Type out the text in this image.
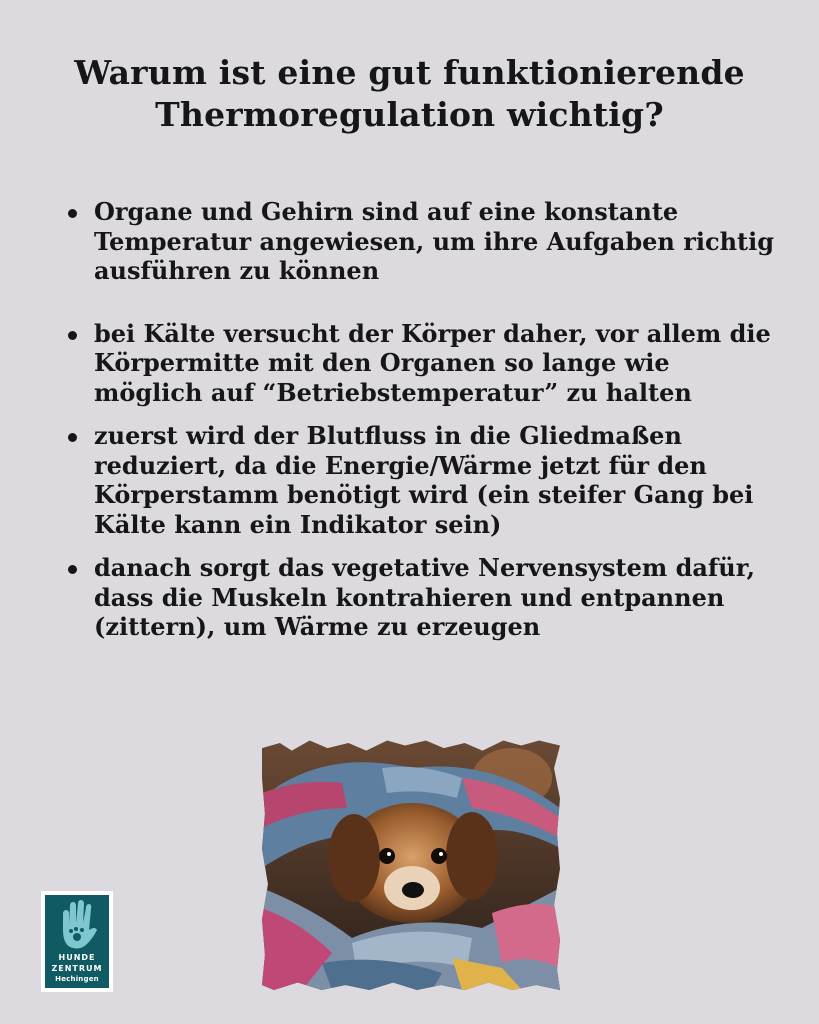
Warum ist eine gut funktionierende
Thermoregulation wichtig?
Organe und Gehirn sind auf eine konstante Temperatur angewiesen, um ihre Aufgaben richtig ausführen zu können
bei Kälte versucht der Körper daher, vor allem die Körpermitte mit den Organen so lange wie möglich auf “Betriebstemperatur” zu halten
zuerst wird der Blutfluss in die Gliedmaßen reduziert, da die Energie/Wärme jetzt für den Körperstamm benötigt wird (ein steifer Gang bei Kälte kann ein Indikator sein)
danach sorgt das vegetative Nervensystem dafür, dass die Muskeln kontrahieren und entpannen (zittern), um Wärme zu erzeugen
HUNDE
ZENTRUM
Hechingen
